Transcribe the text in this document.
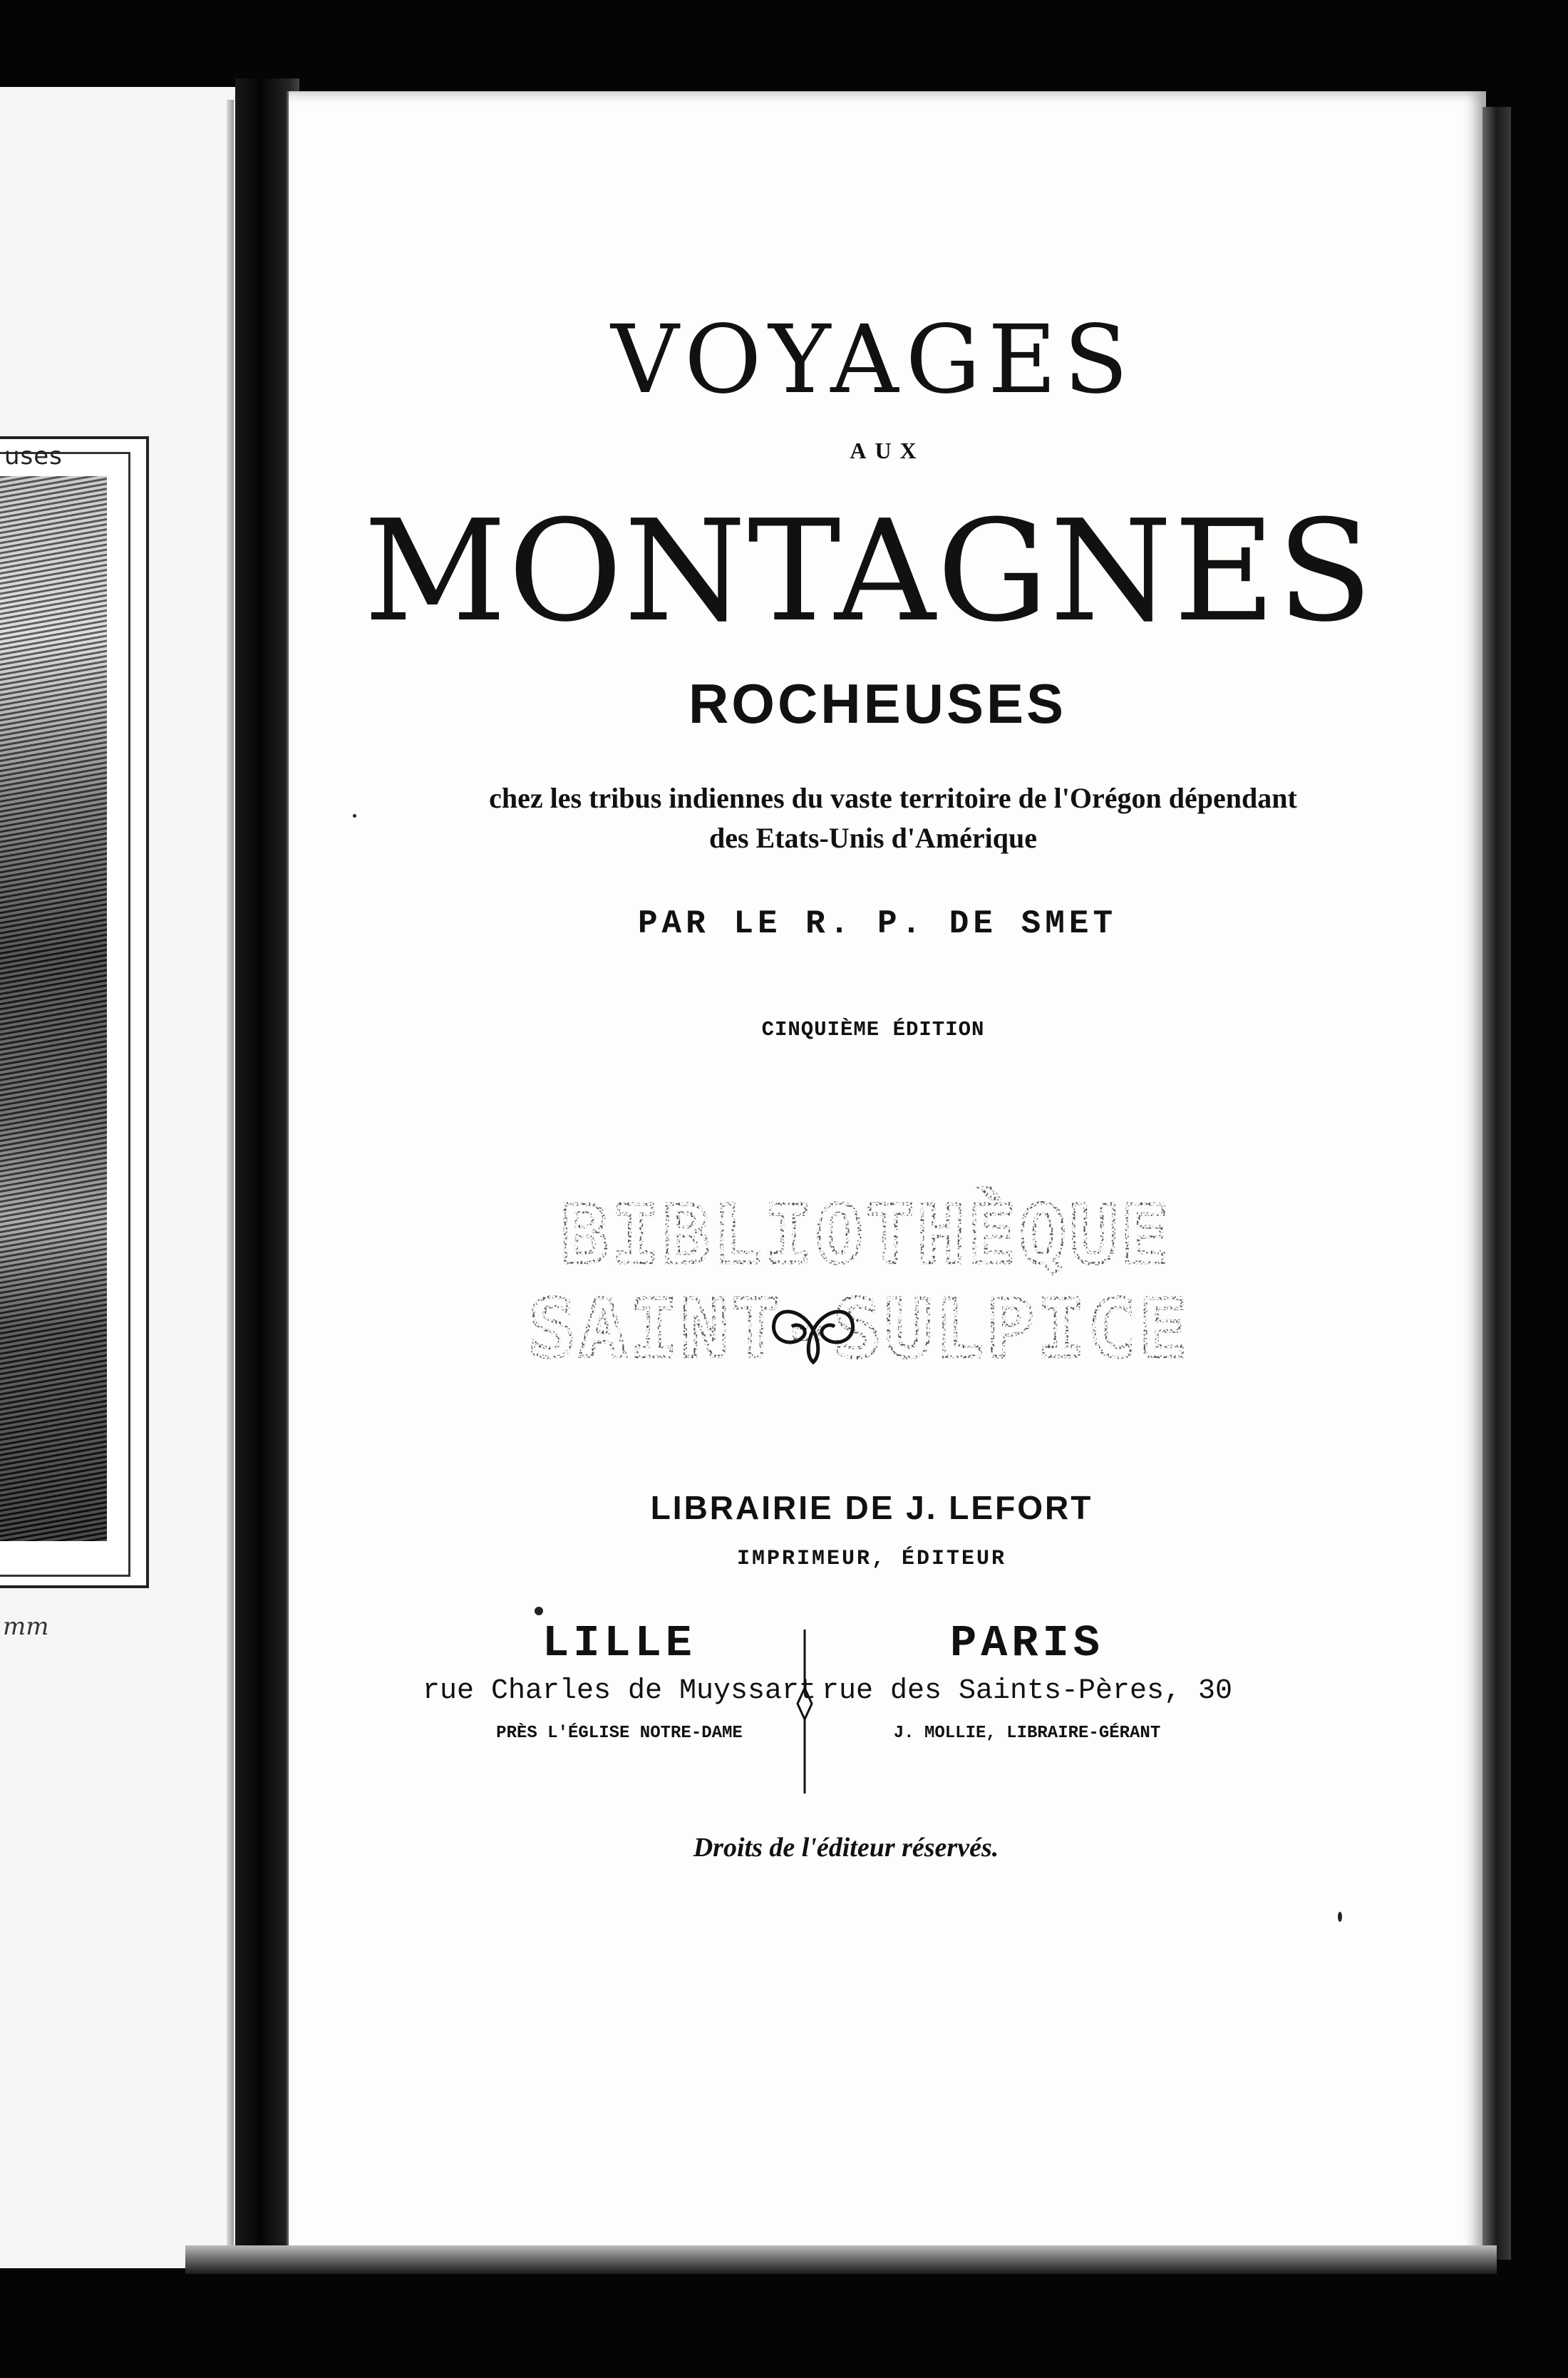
uses
mm
VOYAGES
AUX
MONTAGNES
ROCHEUSES
chez les tribus indiennes du vaste territoire de l'Orégon dépendant
des Etats-Unis d'Amérique
PAR LE R. P. DE SMET
CINQUIÈME ÉDITION
BIBLIOTHÈQUE
SAINT-SULPICE
LIBRAIRIE DE J. LEFORT
IMPRIMEUR, ÉDITEUR
LILLE
rue Charles de Muyssart
PRÈS L'ÉGLISE NOTRE-DAME
PARIS
rue des Saints-Pères, 30
J. MOLLIE, LIBRAIRE-GÉRANT
Droits de l'éditeur réservés.
